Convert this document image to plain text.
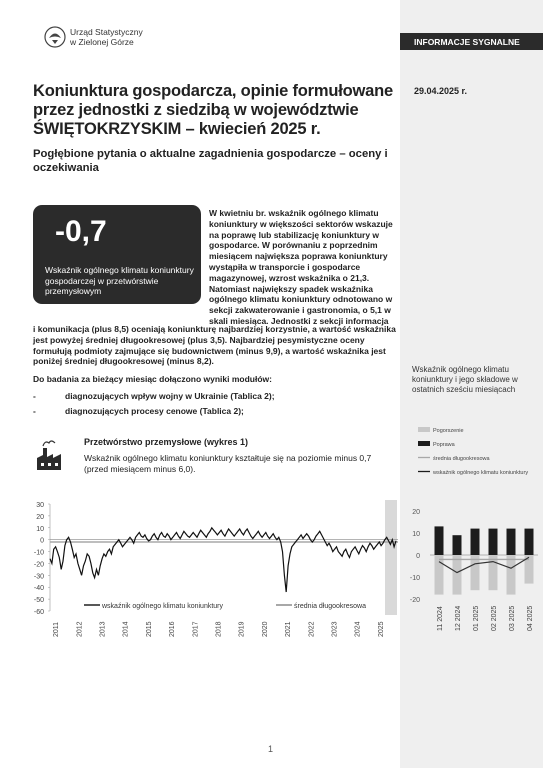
INFORMACJE SYGNALNE
Urząd Statystyczny
w Zielonej Górze
29.04.2025 r.
Koniunktura gospodarcza, opinie formułowane przez jednostki z siedzibą w województwie ŚWIĘTOKRZYSKIM – kwiecień 2025 r.
Pogłębione pytania o aktualne zagadnienia gospodarcze – oceny i oczekiwania
-0,7
Wskaźnik ogólnego klimatu koniunktury gospodarczej w przetwórstwie przemysłowym
W kwietniu br. wskaźnik ogólnego klimatu koniunktury w większości sektorów wskazuje na poprawę lub stabilizację koniunktury w gospodarce. W porównaniu z poprzednim miesiącem największa poprawa koniunktury wystąpiła w transporcie i gospodarce magazynowej, wzrost wskaźnika o 21,3. Natomiast największy spadek wskaźnika ogólnego klimatu koniunktury odnotowano w sekcji zakwaterowanie i gastronomia, o 5,1 w skali miesiąca. Jednostki z sekcji informacja
i komunikacja (plus 8,5) oceniają koniunkturę najbardziej korzystnie, a wartość wskaźnika jest powyżej średniej długookresowej (plus 3,5). Najbardziej pesymistyczne oceny formułują podmioty zajmujące się budownictwem (minus 9,9), a wartość wskaźnika jest poniżej średniej długookresowej (minus 8,2).
Do badania za bieżący miesiąc dołączono wyniki modułów:
-	diagnozujących wpływ wojny w Ukrainie (Tablica 2);
-	diagnozujących procesy cenowe (Tablica 2);
Przetwórstwo przemysłowe (wykres 1)
Wskaźnik ogólnego klimatu koniunktury kształtuje się na poziomie minus 0,7 (przed miesiącem minus 6,0).
30
20
10
0
-10
-20
-30
-40
-50
-60
2011 2012 2013 2014 2015 2016 2017 2018 2019 2020 2021 2022 2023 2024 2025
wskaźnik ogólnego klimatu koniunktury	średnia długookresowa
Wskaźnik ogólnego klimatu koniunktury i jego składowe w ostatnich sześciu miesiącach
Pogorszenie
Poprawa
średnia długookresowa
wskaźnik ogólnego klimatu koniunktury
20
10
0
-10
-20
11 2024 12 2024 01 2025 02 2025 03 2025 04 2025
1
